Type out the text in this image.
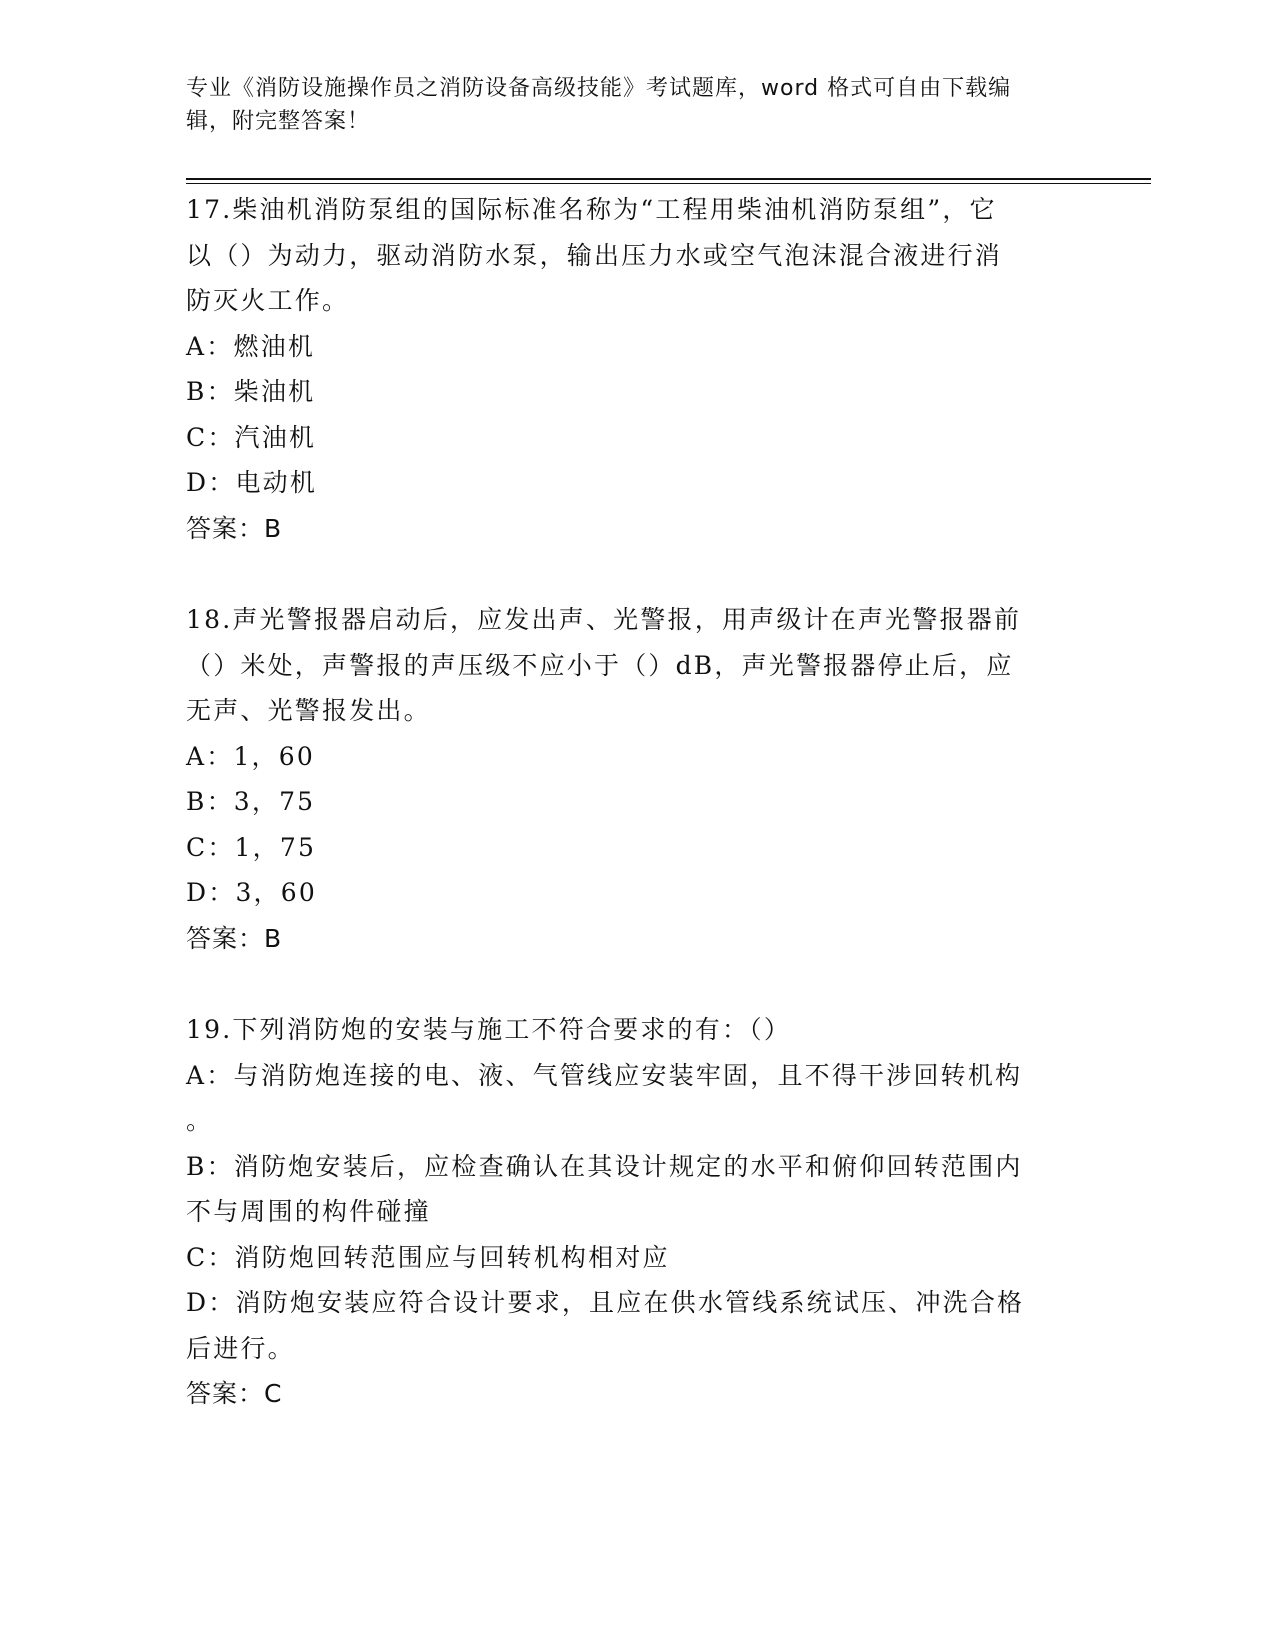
专业《消防设施操作员之消防设备高级技能》考试题库，word 格式可自由下载编
辑，附完整答案！

17.柴油机消防泵组的国际标准名称为“工程用柴油机消防泵组”，它

以（）为动力，驱动消防水泵，输出压力水或空气泡沫混合液进行消

防灭火工作。

A：燃油机

B：柴油机

C：汽油机

D：电动机

答案：B

18.声光警报器启动后，应发出声、光警报，用声级计在声光警报器前

（）米处，声警报的声压级不应小于（）dB，声光警报器停止后，应

无声、光警报发出。

A：1，60

B：3，75

C：1，75

D：3，60

答案：B

19.下列消防炮的安装与施工不符合要求的有：（）

A：与消防炮连接的电、液、气管线应安装牢固，且不得干涉回转机构

。

B：消防炮安装后，应检查确认在其设计规定的水平和俯仰回转范围内

不与周围的构件碰撞

C：消防炮回转范围应与回转机构相对应

D：消防炮安装应符合设计要求，且应在供水管线系统试压、冲洗合格

后进行。

答案：C
